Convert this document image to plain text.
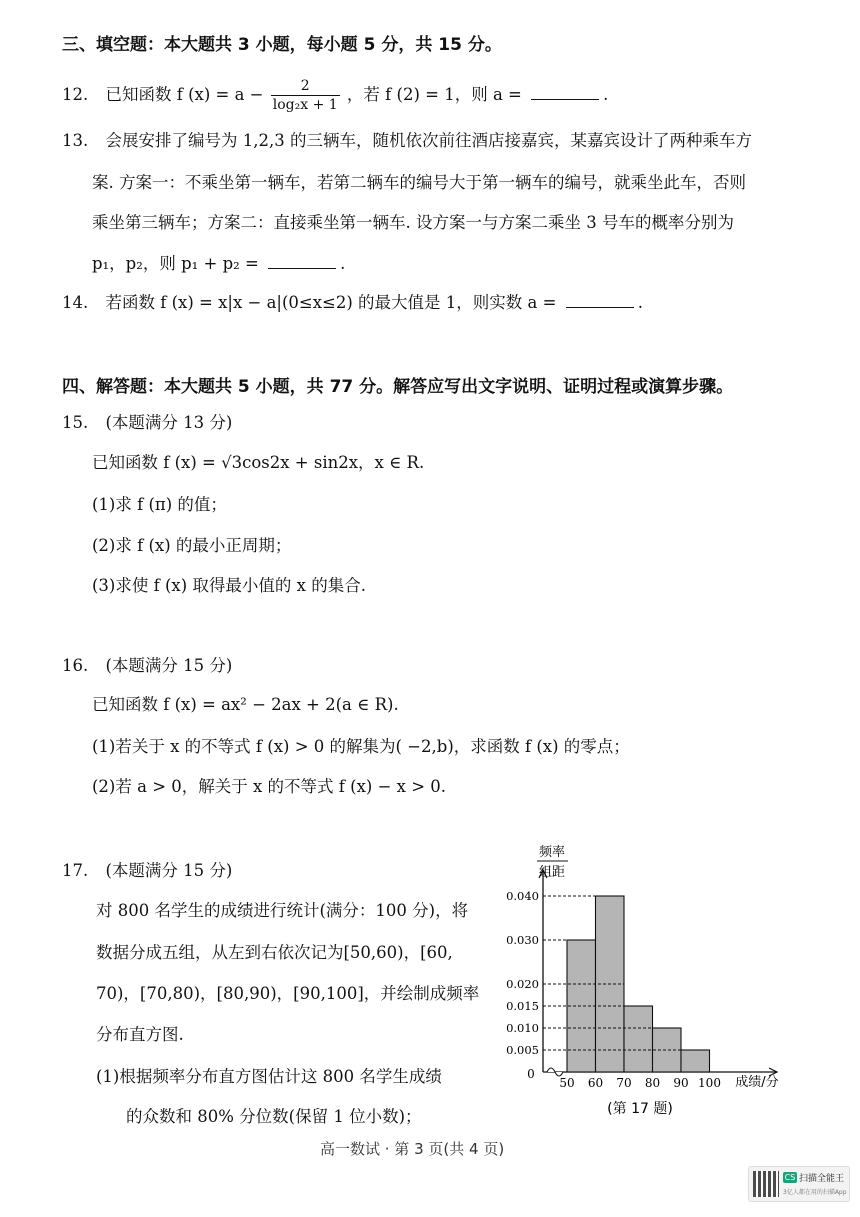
三、填空题：本大题共 3 小题，每小题 5 分，共 15 分。
12. 已知函数 f $(x) = a - \frac{2}{\text{log₂x + 1}}$ ，若 f (2) = 1，则 a =	.
13. 会展安排了编号为 1,2,3 的三辆车，随机依次前往酒店接嘉宾，某嘉宾设计了两种乘车方
案. 方案一：不乘坐第一辆车，若第二辆车的编号大于第一辆车的编号，就乘坐此车，否则
乘坐第三辆车；方案二：直接乘坐第一辆车. 设方案一与方案二乘坐 3 号车的概率分别为
p₁，p₂，则 p₁ + p₂ =	.
14. 若函数 f (x) = x|x − a|(0≤x≤2) 的最大值是 1，则实数 a =	.
四、解答题：本大题共 5 小题，共 77 分。解答应写出文字说明、证明过程或演算步骤。
15. (本题满分 13 分)
已知函数 f (x) = √3cos2x + sin2x，x ∈ R.
(1)求 f (π) 的值；
(2)求 f (x) 的最小正周期；
(3)求使 f (x) 取得最小值的 x 的集合.
16. (本题满分 15 分)
已知函数 f (x) = ax² − 2ax + 2(a ∈ R).
(1)若关于 x 的不等式 f (x) > 0 的解集为( −2,b)，求函数 f (x) 的零点；
(2)若 a > 0，解关于 x 的不等式 f (x) − x > 0.
17. (本题满分 15 分)
对 800 名学生的成绩进行统计(满分：100 分)，将
数据分成五组，从左到右依次记为[50,60)，[60,
70)，[70,80)，[80,90)，[90,100]，并绘制成频率
分布直方图.
(1)根据频率分布直方图估计这 800 名学生成绩
的众数和 80% 分位数(保留 1 位小数)；
0.005
0.010
0.015
0.020
0.030
0.040
50 60 70 80 90 100
频率
组距
成绩/分
0
(第 17 题)
高一数试 · 第 3 页(共 4 页)
CS 扫描全能王
3亿人都在用的扫描App
